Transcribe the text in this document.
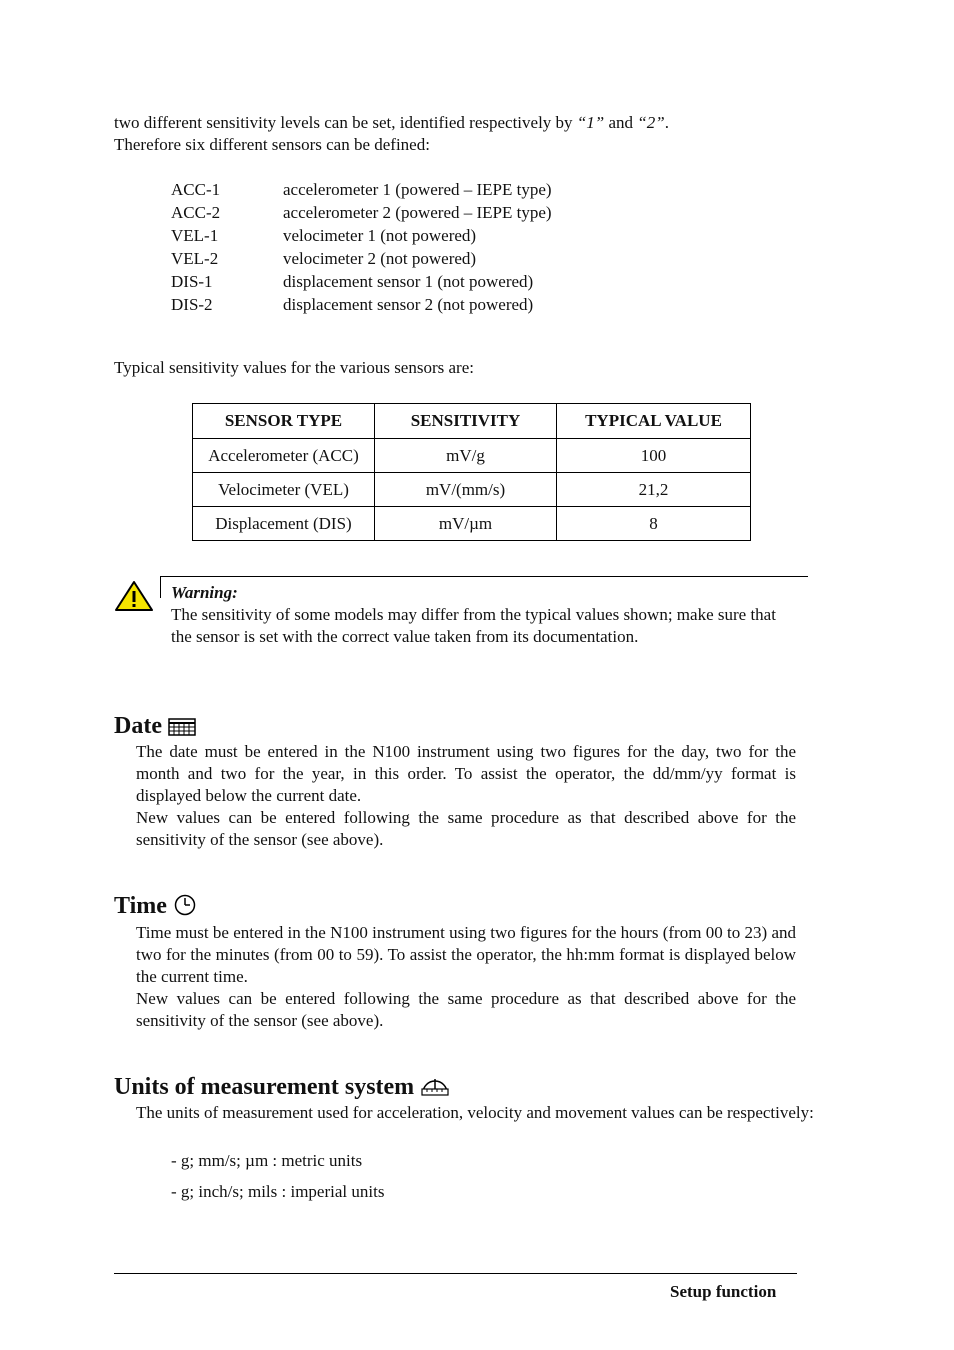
two different sensitivity levels can be set, identified respectively by “1” and “2”.
Therefore six different sensors can be defined:
ACC-1	accelerometer 1 (powered – IEPE type)
ACC-2	accelerometer 2 (powered – IEPE type)
VEL-1	velocimeter 1 (not powered)
VEL-2	velocimeter 2 (not powered)
DIS-1	displacement sensor 1 (not powered)
DIS-2	displacement sensor 2 (not powered)
Typical sensitivity values for the various sensors are:
SENSOR TYPE	SENSITIVITY	TYPICAL VALUE
Accelerometer (ACC)	mV/g	100
Velocimeter (VEL)	mV/(mm/s)	21,2
Displacement (DIS)	mV/µm	8
Warning:
The sensitivity of some models may differ from the typical values shown; make sure that the sensor is set with the correct value taken from its documentation.
Date

The date must be entered in the N100 instrument using two figures for the day, two for the month and two for the year, in this order. To assist the operator, the dd/mm/yy format is displayed below the current date.

New values can be entered following the same procedure as that described above for the sensitivity of the sensor (see above).

Time

Time must be entered in the N100 instrument using two figures for the hours (from 00 to 23) and two for the minutes (from 00 to 59). To assist the operator, the hh:mm format is displayed below the current time.

New values can be entered following the same procedure as that described above for the sensitivity of the sensor (see above).

Units of measurement system

The units of measurement used for acceleration, velocity and movement values can be respectively:

- g; mm/s; µm : metric units
- g; inch/s; mils : imperial units
Setup function
